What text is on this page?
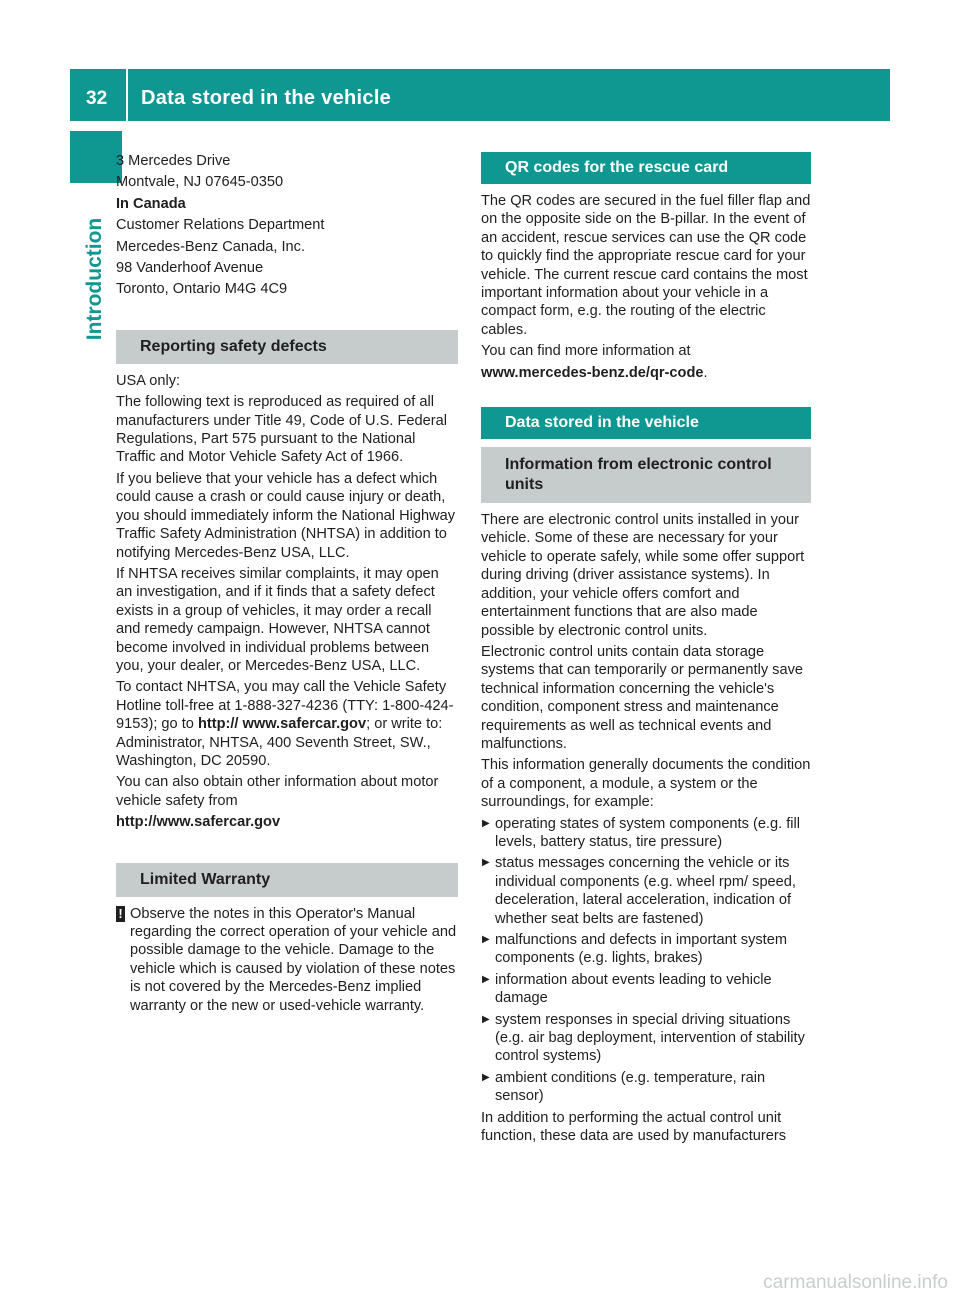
32 Data stored in the vehicle
Introduction

3 Mercedes Drive

Montvale, NJ 07645-0350

In Canada

Customer Relations Department

Mercedes-Benz Canada, Inc.

98 Vanderhoof Avenue

Toronto, Ontario M4G 4C9

Reporting safety defects

USA only:

The following text is reproduced as required of all manufacturers under Title 49, Code of U.S. Federal Regulations, Part 575 pursuant to the National Traffic and Motor Vehicle Safety Act of 1966.

If you believe that your vehicle has a defect which could cause a crash or could cause injury or death, you should immediately inform the National Highway Traffic Safety Administration (NHTSA) in addition to notifying Mercedes-Benz USA, LLC.

If NHTSA receives similar complaints, it may open an investigation, and if it finds that a safety defect exists in a group of vehicles, it may order a recall and remedy campaign. However, NHTSA cannot become involved in individual problems between you, your dealer, or Mercedes-Benz USA, LLC.

To contact NHTSA, you may call the Vehicle Safety Hotline toll-free at 1-888-327-4236 (TTY: 1-800-424-9153); go to http:// www.safercar.gov; or write to: Administrator, NHTSA, 400 Seventh Street, SW., Washington, DC 20590.

You can also obtain other information about motor vehicle safety from

http://www.safercar.gov

Limited Warranty

! Observe the notes in this Operator's Manual regarding the correct operation of your vehicle and possible damage to the vehicle. Damage to the vehicle which is caused by violation of these notes is not covered by the Mercedes-Benz implied warranty or the new or used-vehicle warranty.

QR codes for the rescue card

The QR codes are secured in the fuel filler flap and on the opposite side on the B-pillar. In the event of an accident, rescue services can use the QR code to quickly find the appropriate rescue card for your vehicle. The current rescue card contains the most important information about your vehicle in a compact form, e.g. the routing of the electric cables.

You can find more information at

www.mercedes-benz.de/qr-code.

Data stored in the vehicle
Information from electronic control units

There are electronic control units installed in your vehicle. Some of these are necessary for your vehicle to operate safely, while some offer support during driving (driver assistance systems). In addition, your vehicle offers comfort and entertainment functions that are also made possible by electronic control units.

Electronic control units contain data storage systems that can temporarily or permanently save technical information concerning the vehicle's condition, component stress and maintenance requirements as well as technical events and malfunctions.

This information generally documents the condition of a component, a module, a system or the surroundings, for example:

▶ operating states of system components (e.g. fill levels, battery status, tire pressure)
▶ status messages concerning the vehicle or its individual components (e.g. wheel rpm/ speed, deceleration, lateral acceleration, indication of whether seat belts are fastened)
▶ malfunctions and defects in important system components (e.g. lights, brakes)
▶ information about events leading to vehicle damage
▶ system responses in special driving situations (e.g. air bag deployment, intervention of stability control systems)
▶ ambient conditions (e.g. temperature, rain sensor)

In addition to performing the actual control unit function, these data are used by manufacturers

carmanualsonline.info
